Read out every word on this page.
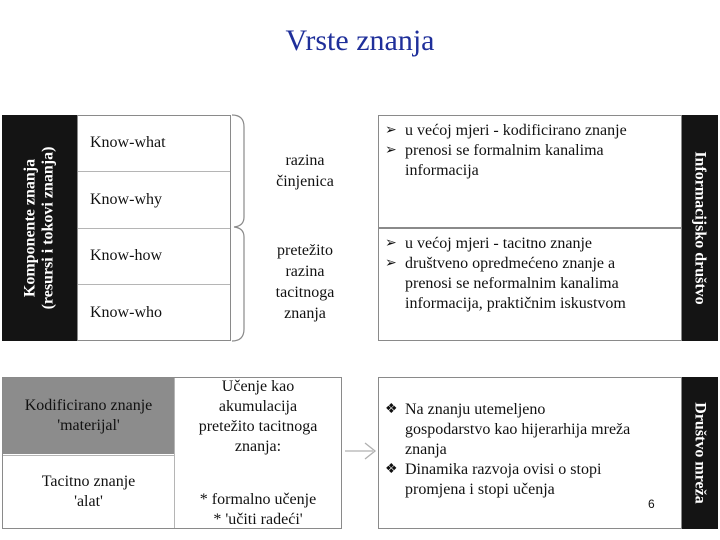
Vrste znanja
Komponente znanja (resursi i tokovi znanja)
Know-what
Know-why
Know-how
Know-who
razina
činjenica
pretežito
razina
tacitnoga
znanja
➢ u većoj mjeri - kodificirano znanje
➢ prenosi se formalnim kanalima
informacija
➢ u većoj mjeri - tacitno znanje
➢ društveno opredmećeno znanje a
prenosi se neformalnim kanalima
informacija, praktičnim iskustvom	Informacijsko društvo
Kodificirano znanje
'materijal'
Tacitno znanje
'alat'
Učenje kao
akumulacija
pretežito tacitnoga
znanja:
* formalno učenje
* 'učiti radeći'
❖ Na znanju utemeljeno
gospodarstvo kao hijerarhija mreža
znanja
❖ Dinamika razvoja ovisi o stopi
promjena i stopi učenja
6
Društvo mreža
